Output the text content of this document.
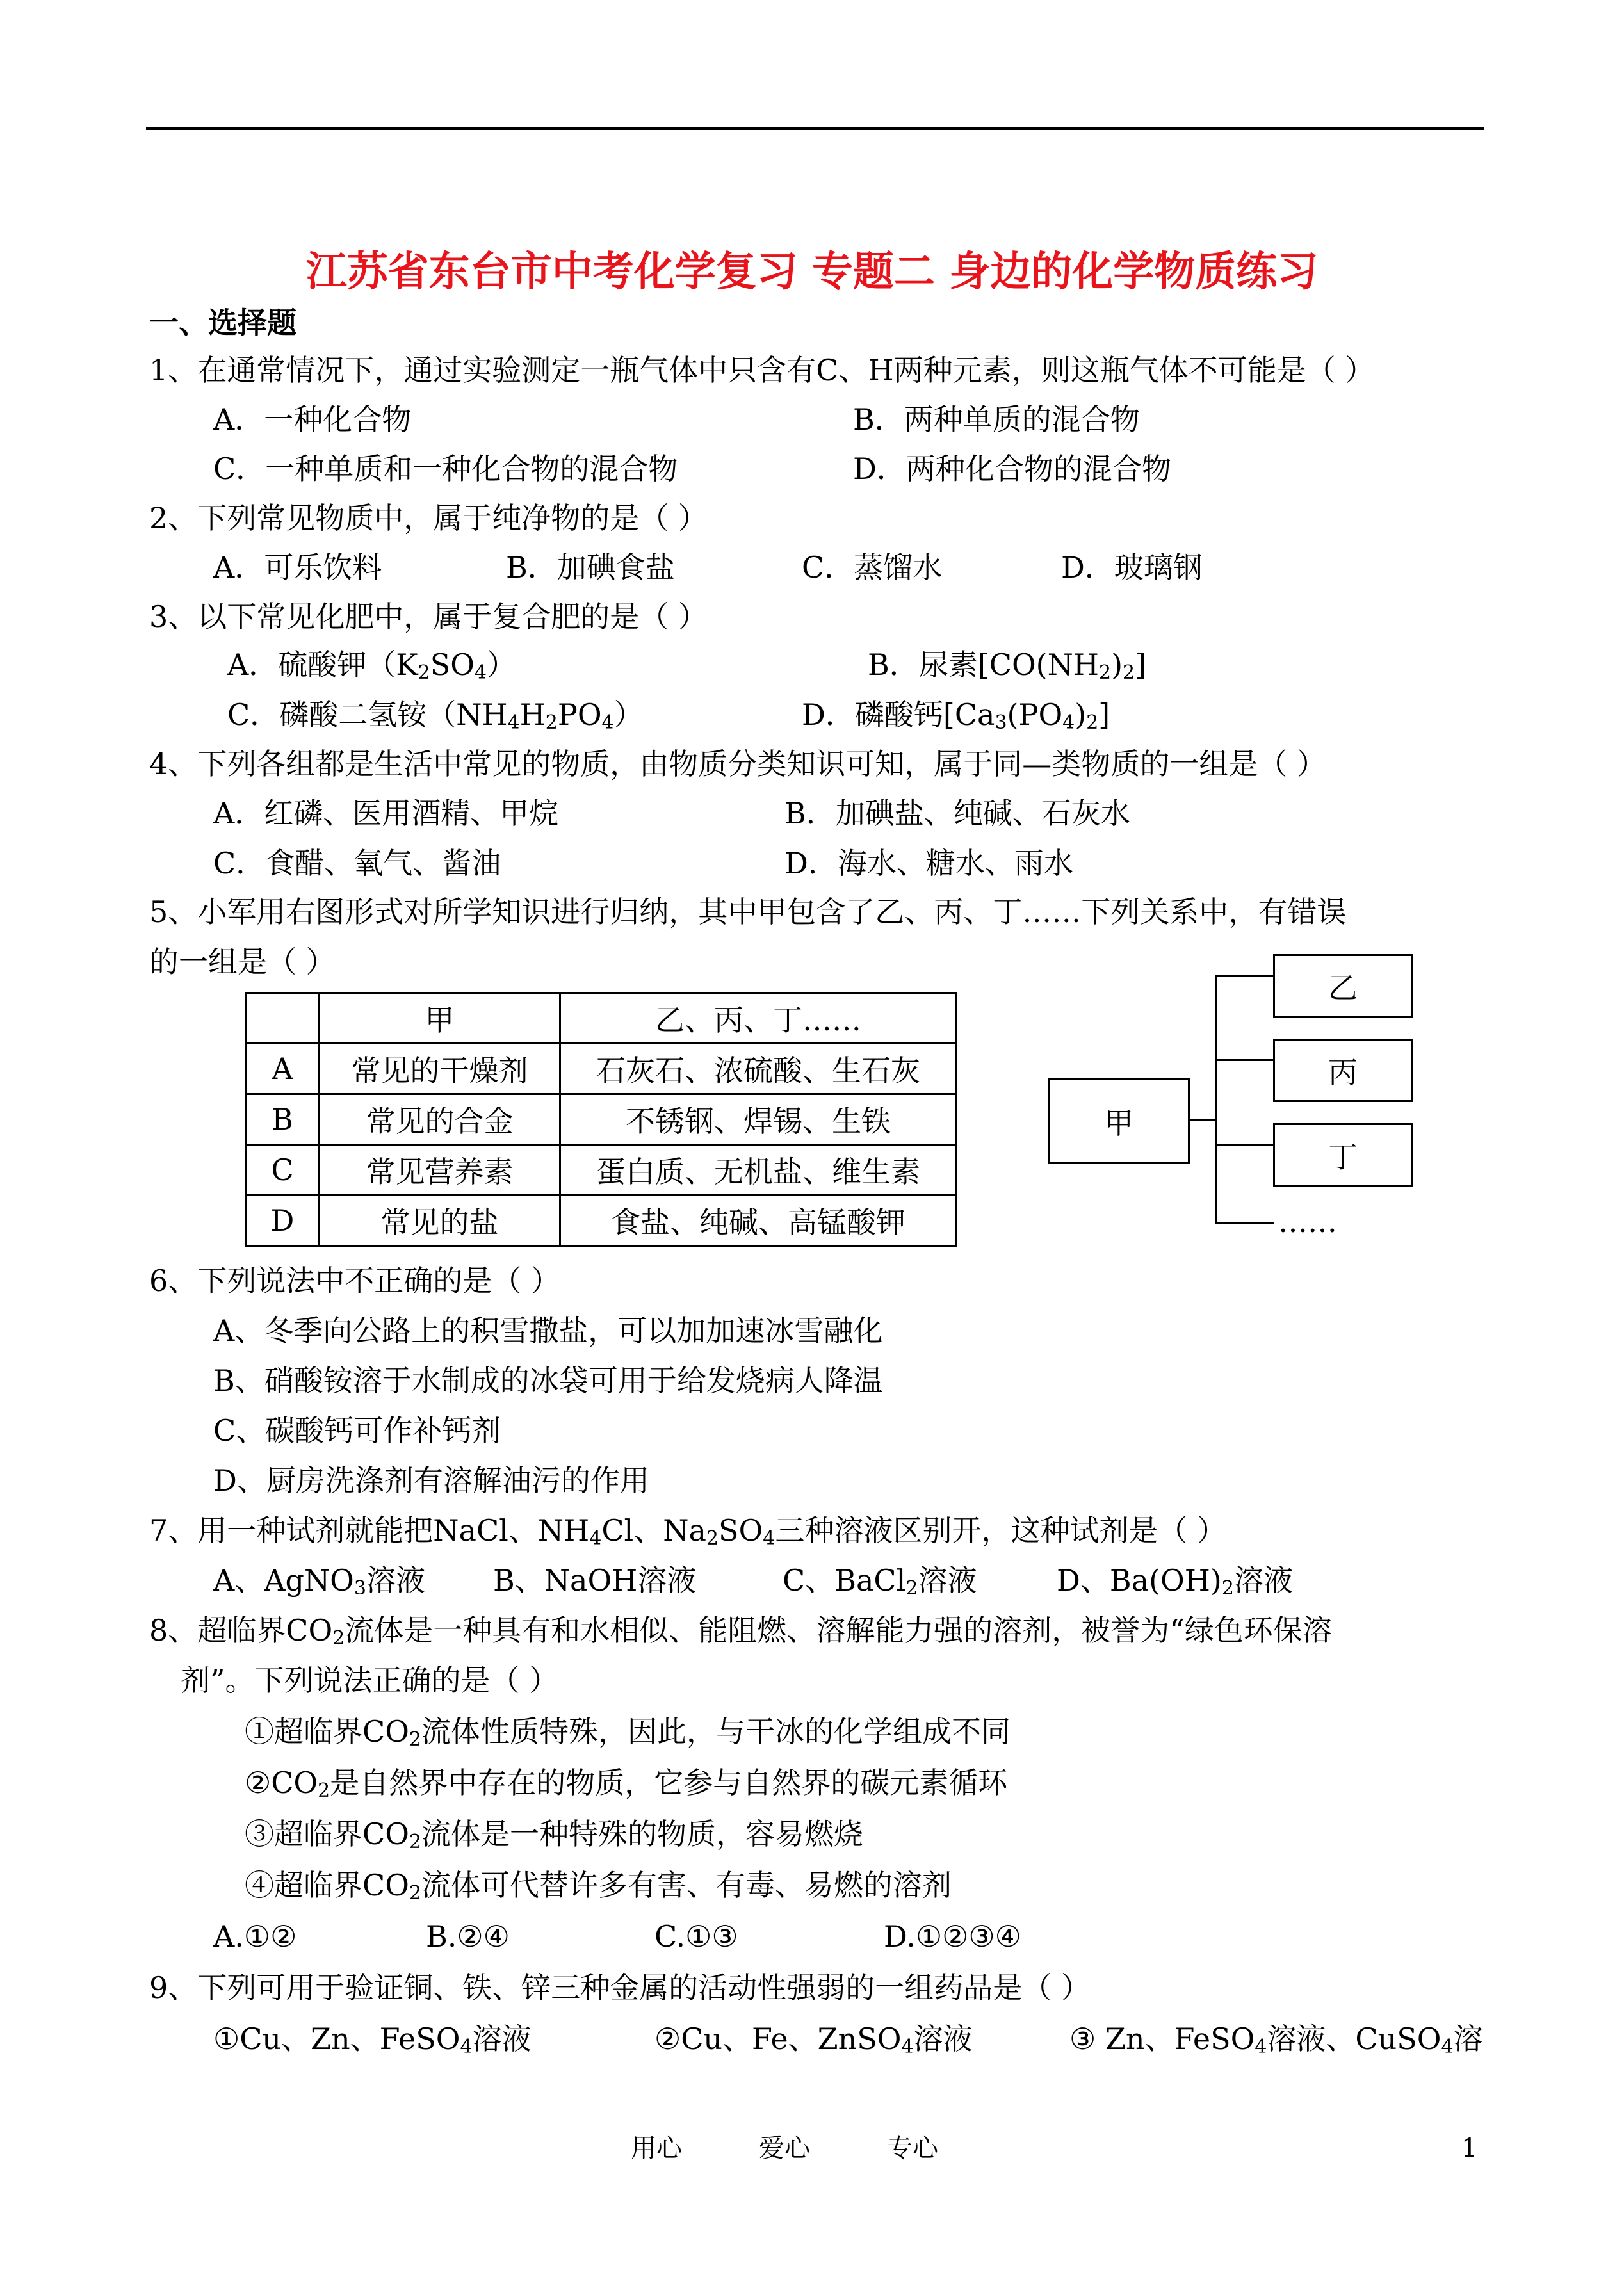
江苏省东台市中考化学复习 专题二 身边的化学物质练习
一、选择题
1、在通常情况下，通过实验测定一瓶气体中只含有C、H两种元素，则这瓶气体不可能是（ ）
A．一种化合物	B．两种单质的混合物
C．一种单质和一种化合物的混合物	D．两种化合物的混合物
2、下列常见物质中，属于纯净物的是（ ）
A．可乐饮料	B．加碘食盐	C．蒸馏水	D．玻璃钢
3、以下常见化肥中，属于复合肥的是（ ）
A．硫酸钾$(K_2SO_4)$	B．尿素$[CO(NH_2)_2]$
C．磷酸二氢铵$(NH_4H_2PO_4)$	D．磷酸钙$[Ca_3(PO_4)_2]$
4、下列各组都是生活中常见的物质，由物质分类知识可知，属于同—类物质的一组是（ ）
A．红磷、医用酒精、甲烷	B．加碘盐、纯碱、石灰水
C．食醋、氧气、酱油	D．海水、糖水、雨水
5、小军用右图形式对所学知识进行归纳，其中甲包含了乙、丙、丁……下列关系中，有错误
的一组是（ ）
	甲	乙、丙、丁……
A	常见的干燥剂	石灰石、浓硫酸、生石灰
B	常见的合金	不锈钢、焊锡、生铁
C	常见营养素	蛋白质、无机盐、维生素
D	常见的盐	食盐、纯碱、高锰酸钾
甲
乙
丙
丁
……
6、下列说法中不正确的是（ ）
A、冬季向公路上的积雪撒盐，可以加加速冰雪融化
B、硝酸铵溶于水制成的冰袋可用于给发烧病人降温
C、碳酸钙可作补钙剂
D、厨房洗涤剂有溶解油污的作用
7、用一种试剂就能把NaCl、$NH_4Cl$、$Na_2SO_4$三种溶液区别开，这种试剂是（ ）
A、AgNO$_3$溶液 B、NaOH溶液	C、BaCl$_2$溶液	D、$Ba(OH)_2$溶液
8、超临界$CO_2$流体是一种具有和水相似、能阻燃、溶解能力强的溶剂，被誉为“绿色环保溶
剂”。下列说法正确的是（ ）
①超临界$CO_2$流体性质特殊，因此，与干冰的化学组成不同
$②CO_2$是自然界中存在的物质，它参与自然界的碳元素循环
③超临界$CO_2$流体是一种特殊的物质，容易燃烧
④超临界$CO_2$流体可代替许多有害、有毒、易燃的溶剂
A.①②	B.②④	C.①③	D.①②③④
9、下列可用于验证铜、铁、锌三种金属的活动性强弱的一组药品是（ ）
①Cu、Zn、FeSO$_4$溶液	②Cu、Fe、ZnSO$_4$溶液	③ Zn、FeSO$_4$溶液、CuSO$_4$溶
用心	爱心	专心	1
